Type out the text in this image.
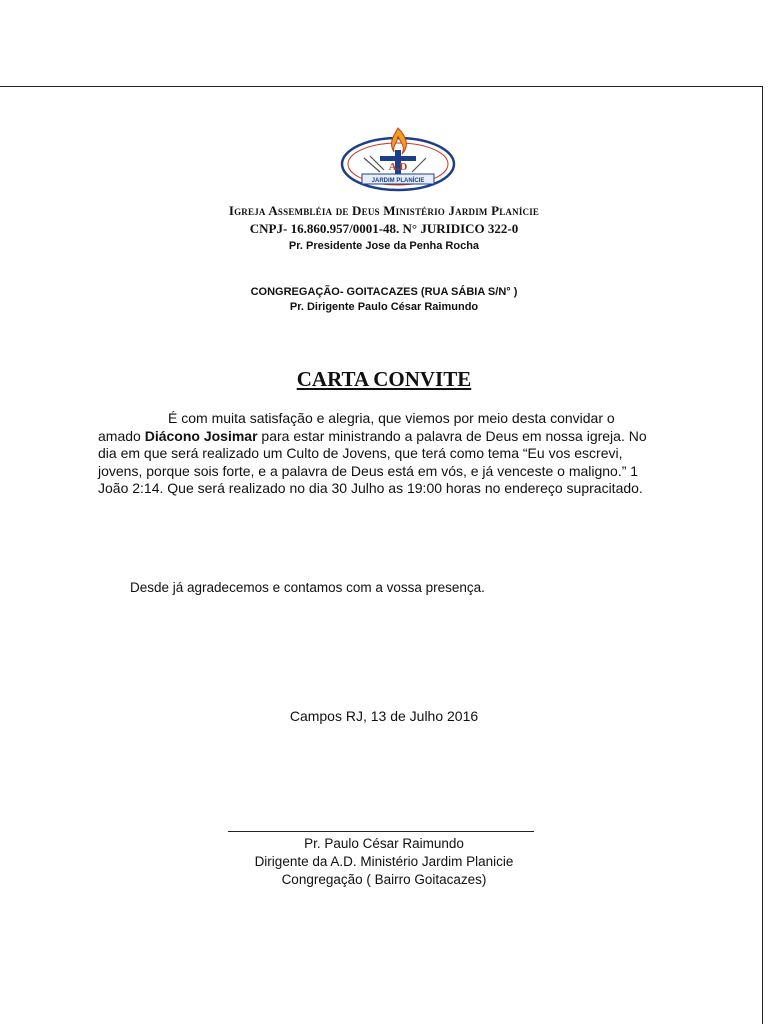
A.D
JARDIM PLANÍCIE
Igreja Assembléia de Deus Ministério Jardim Planície
CNPJ- 16.860.957/0001-48. N° JURIDICO 322-0
Pr. Presidente Jose da Penha Rocha
CONGREGAÇÃO- GOITACAZES (RUA SÁBIA S/N° )
Pr. Dirigente Paulo César Raimundo
CARTA CONVITE
É com muita satisfação e alegria, que viemos por meio desta convidar o amado Diácono Josimar para estar ministrando a palavra de Deus em nossa igreja. No dia em que será realizado um Culto de Jovens, que terá como tema “Eu vos escrevi, jovens, porque sois forte, e a palavra de Deus está em vós, e já venceste o maligno.” 1 João 2:14. Que será realizado no dia 30 Julho as 19:00 horas no endereço supracitado.
Desde já agradecemos e contamos com a vossa presença.
Campos RJ, 13 de Julho 2016
Pr. Paulo César Raimundo
Dirigente da A.D. Ministério Jardim Planicie
Congregação ( Bairro Goitacazes)
